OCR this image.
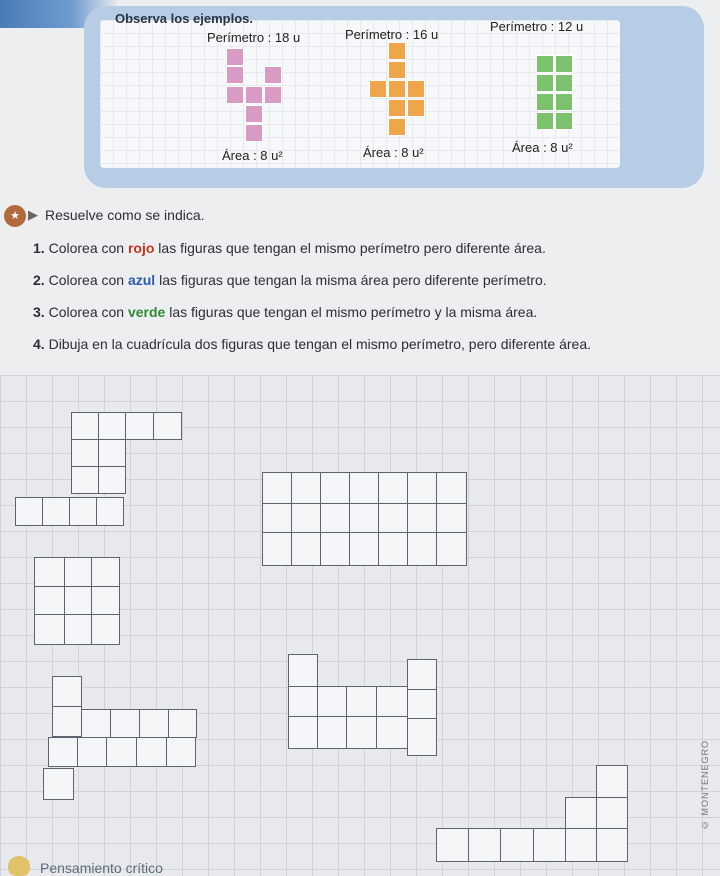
Observa los ejemplos.
Perímetro : 18 u	Perímetro : 16 u
Perímetro : 12 u
Área : 8 u²	Área : 8 u²	Área : 8 u²
★ ▶ Resuelve como se indica.
1. Colorea con rojo las figuras que tengan el mismo perímetro pero diferente área.
2. Colorea con azul las figuras que tengan la misma área pero diferente perímetro.
3. Colorea con verde las figuras que tengan el mismo perímetro y la misma área.
4. Dibuja en la cuadrícula dos figuras que tengan el mismo perímetro, pero diferente área.
Pensamiento crítico
© MONTENEGRO
